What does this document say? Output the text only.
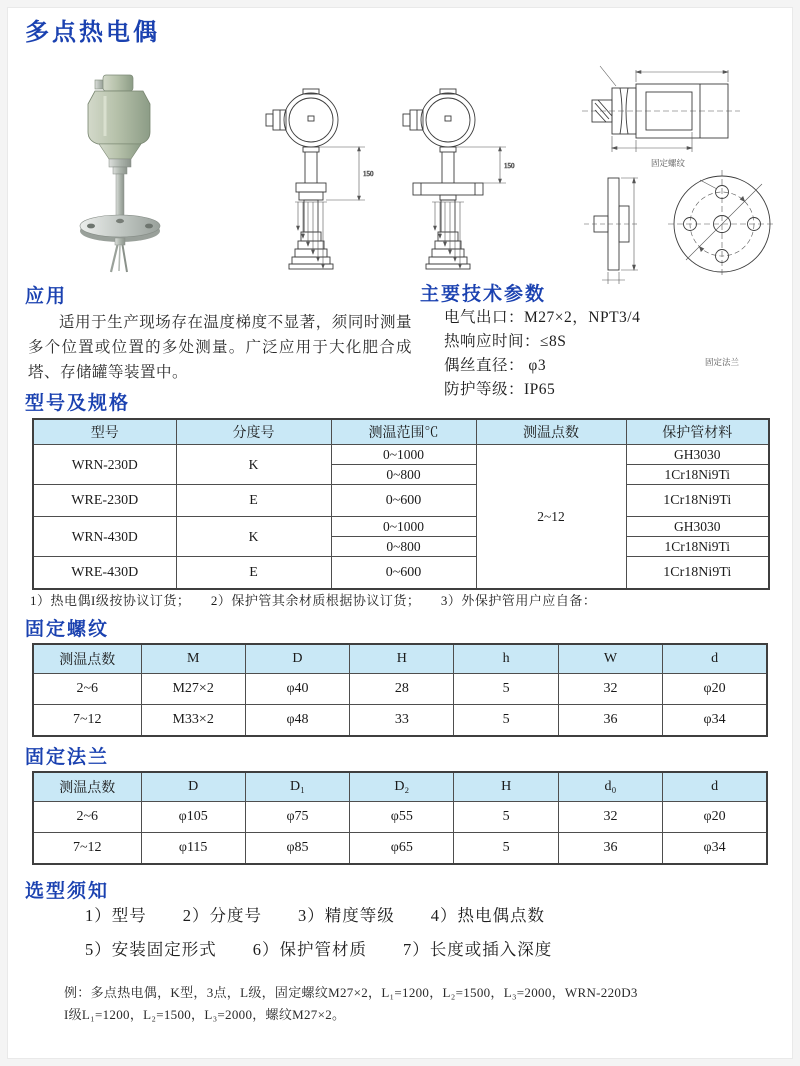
多点热电偶
150
150	固定螺纹
固定法兰
应用
适用于生产现场存在温度梯度不显著，须同时测量多个位置或位置的多处测量。广泛应用于大化肥合成塔、存储罐等装置中。
主要技术参数
电气出口：M27×2，NPT3/4
热响应时间：≤8S
偶丝直径： φ3
防护等级：IP65
型号及规格
型号	分度号	测温范围℃	测温点数	保护管材料
WRN-230D	K	0~1000	2~12	GH3030
		0~800		1Cr18Ni9Ti
WRE-230D	E	0~600		1Cr18Ni9Ti
WRN-430D	K	0~1000		GH3030
		0~800		1Cr18Ni9Ti
WRE-430D	E	0~600		1Cr18Ni9Ti
1）热电偶I级按协议订货；　　2）保护管其余材质根据协议订货；　　3）外保护管用户应自备：
固定螺纹
测温点数	M	D	H	h	W	d
2~6	M27×2	φ40	28	5	32	φ20
7~12	M33×2	φ48	33	5	36	φ34
固定法兰
测温点数	D	D₁	D₂	H	d₀	d
2~6	φ105	φ75	φ55	5	32	φ20
7~12	φ115	φ85	φ65	5	36	φ34
选型须知
1）型号 2）分度号 3）精度等级 4）热电偶点数
5）安装固定形式 6）保护管材质 7）长度或插入深度
例：多点热电偶，K型，3点，L级，固定螺纹M27×2，L₁=1200，L₂=1500，L₃=2000，WRN-220D3
I级L₁=1200，L₂=1500，L₃=2000，螺纹M27×2。
